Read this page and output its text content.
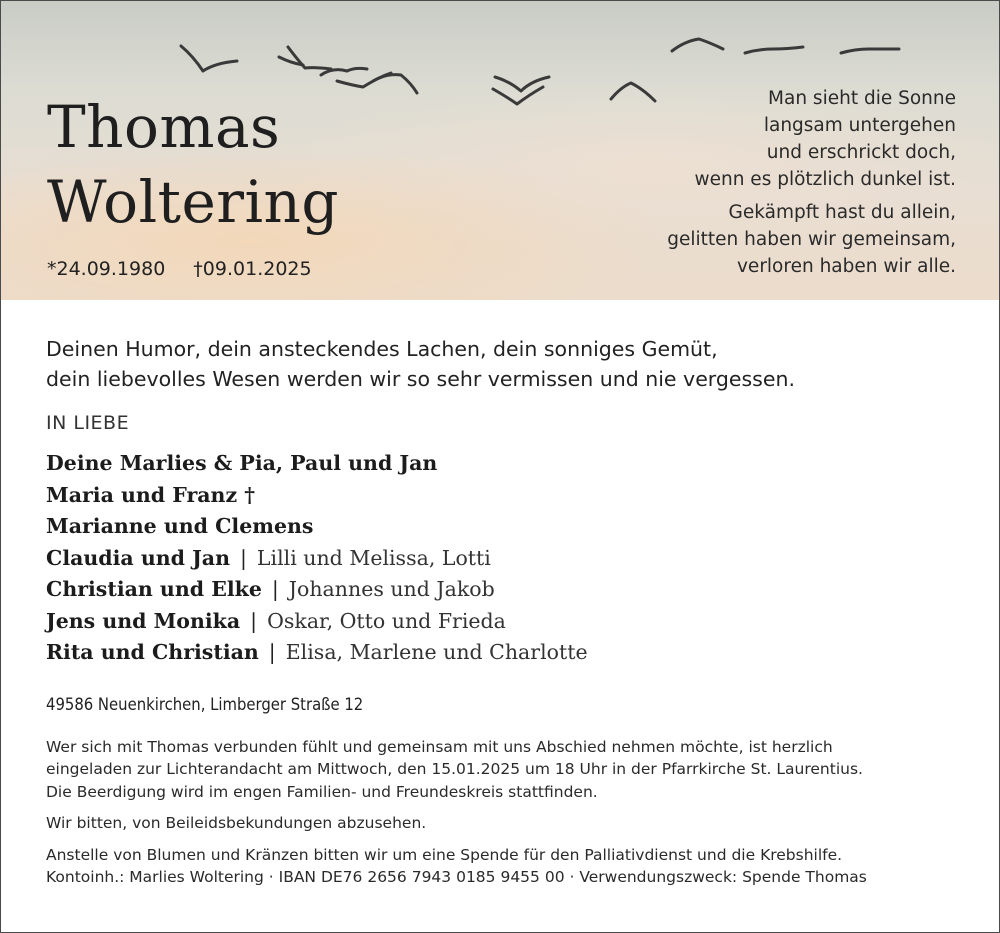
Thomas
Woltering
*24.09.1980 †09.01.2025

Man sieht die Sonne
langsam untergehen
und erschrickt doch,
wenn es plötzlich dunkel ist.

Gekämpft hast du allein,
gelitten haben wir gemeinsam,
verloren haben wir alle.

Deinen Humor, dein ansteckendes Lachen, dein sonniges Gemüt,
dein liebevolles Wesen werden wir so sehr vermissen und nie vergessen.

IN LIEBE
Deine Marlies & Pia, Paul und Jan
Maria und Franz †
Marianne und Clemens
Claudia und Jan | Lilli und Melissa, Lotti
Christian und Elke | Johannes und Jakob
Jens und Monika | Oskar, Otto und Frieda
Rita und Christian | Elisa, Marlene und Charlotte
49586 Neuenkirchen, Limberger Straße 12

Wer sich mit Thomas verbunden fühlt und gemeinsam mit uns Abschied nehmen möchte, ist herzlich
eingeladen zur Lichterandacht am Mittwoch, den 15.01.2025 um 18 Uhr in der Pfarrkirche St. Laurentius.
Die Beerdigung wird im engen Familien- und Freundeskreis stattfinden.

Wir bitten, von Beileidsbekundungen abzusehen.

Anstelle von Blumen und Kränzen bitten wir um eine Spende für den Palliativdienst und die Krebshilfe.
Kontoinh.: Marlies Woltering · IBAN DE76 2656 7943 0185 9455 00 · Verwendungszweck: Spende Thomas
